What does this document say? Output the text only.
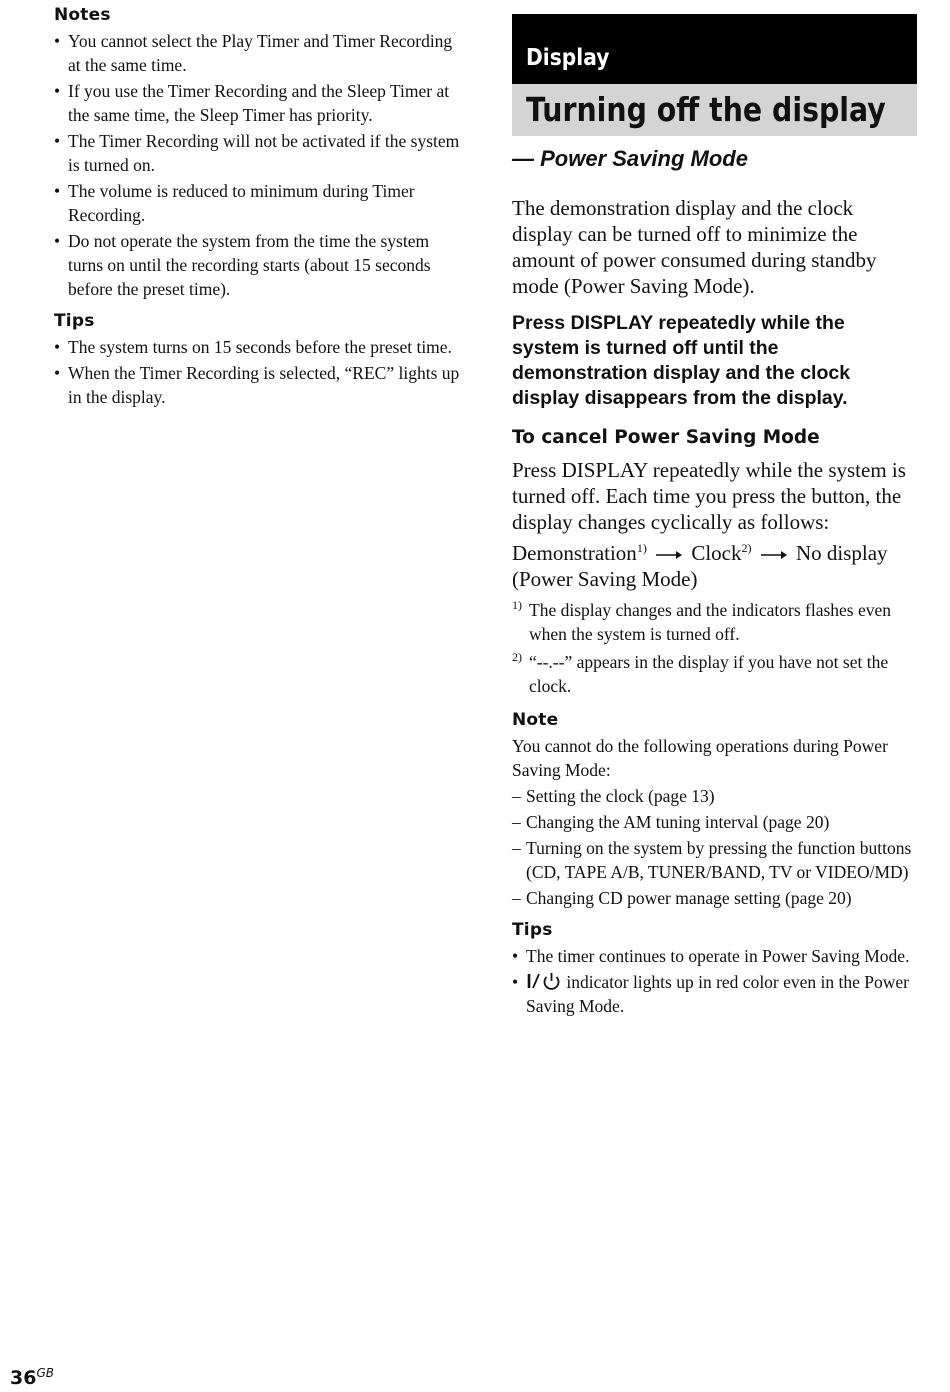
Notes
• You cannot select the Play Timer and Timer Recording at the same time.
• If you use the Timer Recording and the Sleep Timer at the same time, the Sleep Timer has priority.
• The Timer Recording will not be activated if the system is turned on.
• The volume is reduced to minimum during Timer Recording.
• Do not operate the system from the time the system turns on until the recording starts (about 15 seconds before the preset time).
Tips
• The system turns on 15 seconds before the preset time.
• When the Timer Recording is selected, “REC” lights up in the display.
Display
Turning off the display

— Power Saving Mode

The demonstration display and the clock display can be turned off to minimize the amount of power consumed during standby mode (Power Saving Mode).

Press DISPLAY repeatedly while the system is turned off until the demonstration display and the clock display disappears from the display.

To cancel Power Saving Mode

Press DISPLAY repeatedly while the system is turned off. Each time you press the button, the display changes cyclically as follows:

Demonstration$^{1)}$ Clock$^{2)}$ No display
(Power Saving Mode)

1) The display changes and the indicators flashes even when the system is turned off.

2) “--.--” appears in the display if you have not set the clock.

Note

You cannot do the following operations during Power Saving Mode:

– Setting the clock (page 13)
– Changing the AM tuning interval (page 20)
– Turning on the system by pressing the function buttons (CD, TAPE A/B, TUNER/BAND, TV or VIDEO/MD)
– Changing CD power manage setting (page 20)
Tips
• The timer continues to operate in Power Saving Mode.
•	indicator lights up in red color even in the Power Saving Mode.
$36^{GB}$
